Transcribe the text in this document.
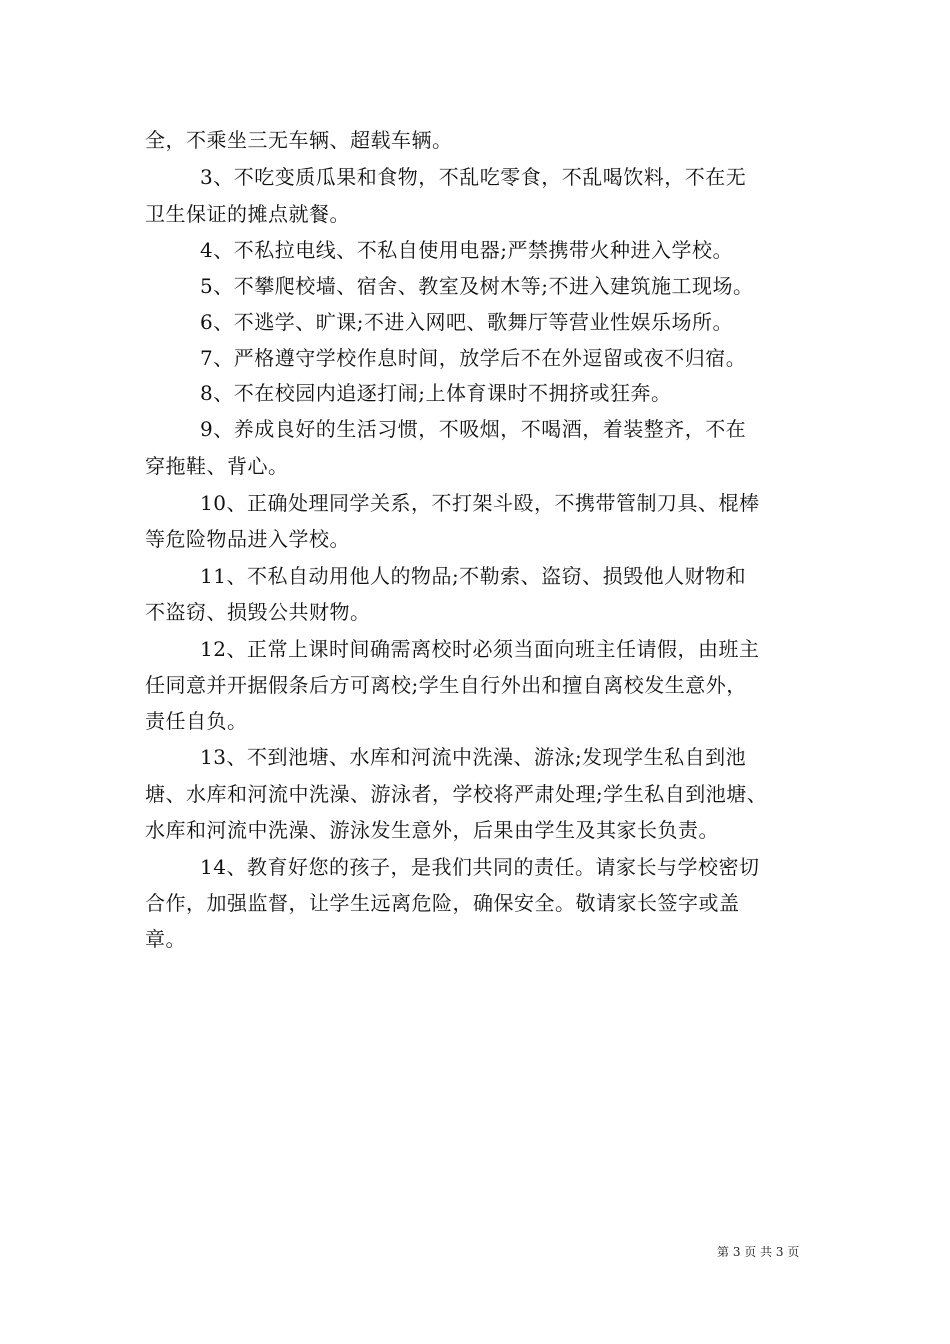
全，不乘坐三无车辆、超载车辆。
3、不吃变质瓜果和食物，不乱吃零食，不乱喝饮料，不在无
卫生保证的摊点就餐。
4、不私拉电线、不私自使用电器;严禁携带火种进入学校。
5、不攀爬校墙、宿舍、教室及树木等;不进入建筑施工现场。
6、不逃学、旷课;不进入网吧、歌舞厅等营业性娱乐场所。
7、严格遵守学校作息时间，放学后不在外逗留或夜不归宿。
8、不在校园内追逐打闹;上体育课时不拥挤或狂奔。
9、养成良好的生活习惯，不吸烟，不喝酒，着装整齐，不在
穿拖鞋、背心。
10、正确处理同学关系，不打架斗殴，不携带管制刀具、棍棒
等危险物品进入学校。
11、不私自动用他人的物品;不勒索、盗窃、损毁他人财物和
不盗窃、损毁公共财物。
12、正常上课时间确需离校时必须当面向班主任请假，由班主
任同意并开据假条后方可离校;学生自行外出和擅自离校发生意外，
责任自负。
13、不到池塘、水库和河流中洗澡、游泳;发现学生私自到池
塘、水库和河流中洗澡、游泳者，学校将严肃处理;学生私自到池塘、
水库和河流中洗澡、游泳发生意外，后果由学生及其家长负责。
14、教育好您的孩子，是我们共同的责任。请家长与学校密切
合作，加强监督，让学生远离危险，确保安全。敬请家长签字或盖
章。
第 3 页 共 3 页
